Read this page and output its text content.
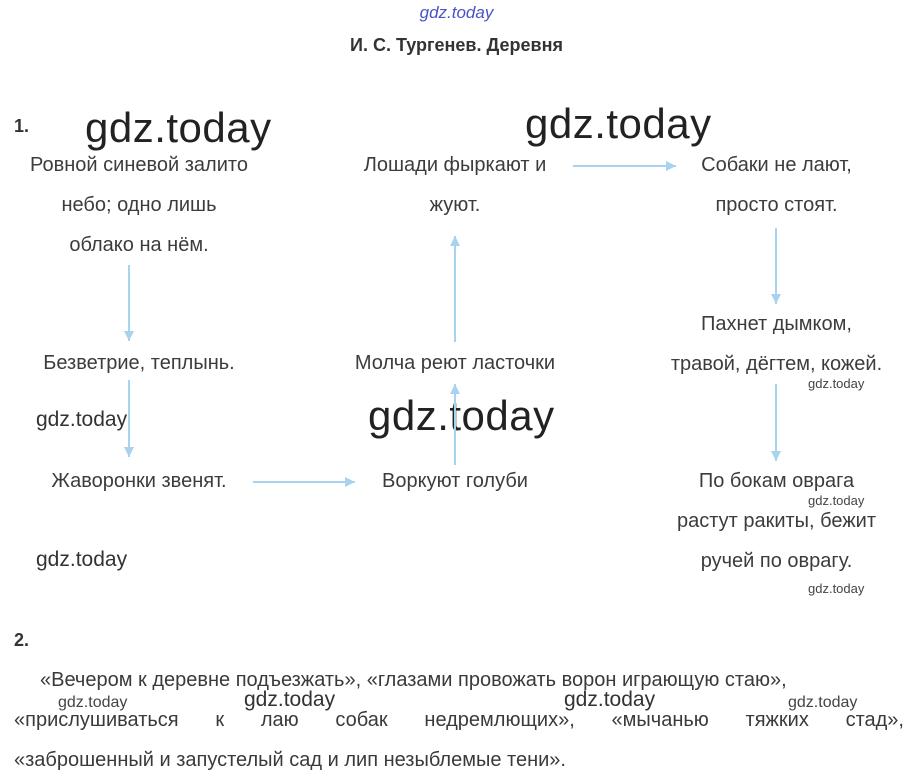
gdz.today
И. С. Тургенев. Деревня
1. gdz.today	gdz.today
gdz.today
gdz.today
gdz.today
gdz.today
gdz.today
gdz.today
Ровной синевой залито
небо; одно лишь
облако на нём.
Безветрие, теплынь.
Жаворонки звенят.	Воркуют голуби
Молча реют ласточки
Лошади фыркают и
жуют.
Собаки не лают,
просто стоят.
Пахнет дымком,
травой, дёгтем, кожей.
По бокам оврага
растут ракиты, бежит
ручей по оврагу.
2.
«Вечером к деревне подъезжать», «глазами провожать ворон играющую стаю»,
«прислушиваться к лаю собак недремлющих», «мычанью тяжких стад»,
«заброшенный и запустелый сад и лип незыблемые тени».
gdz.today	gdz.today	gdz.today	gdz.today
